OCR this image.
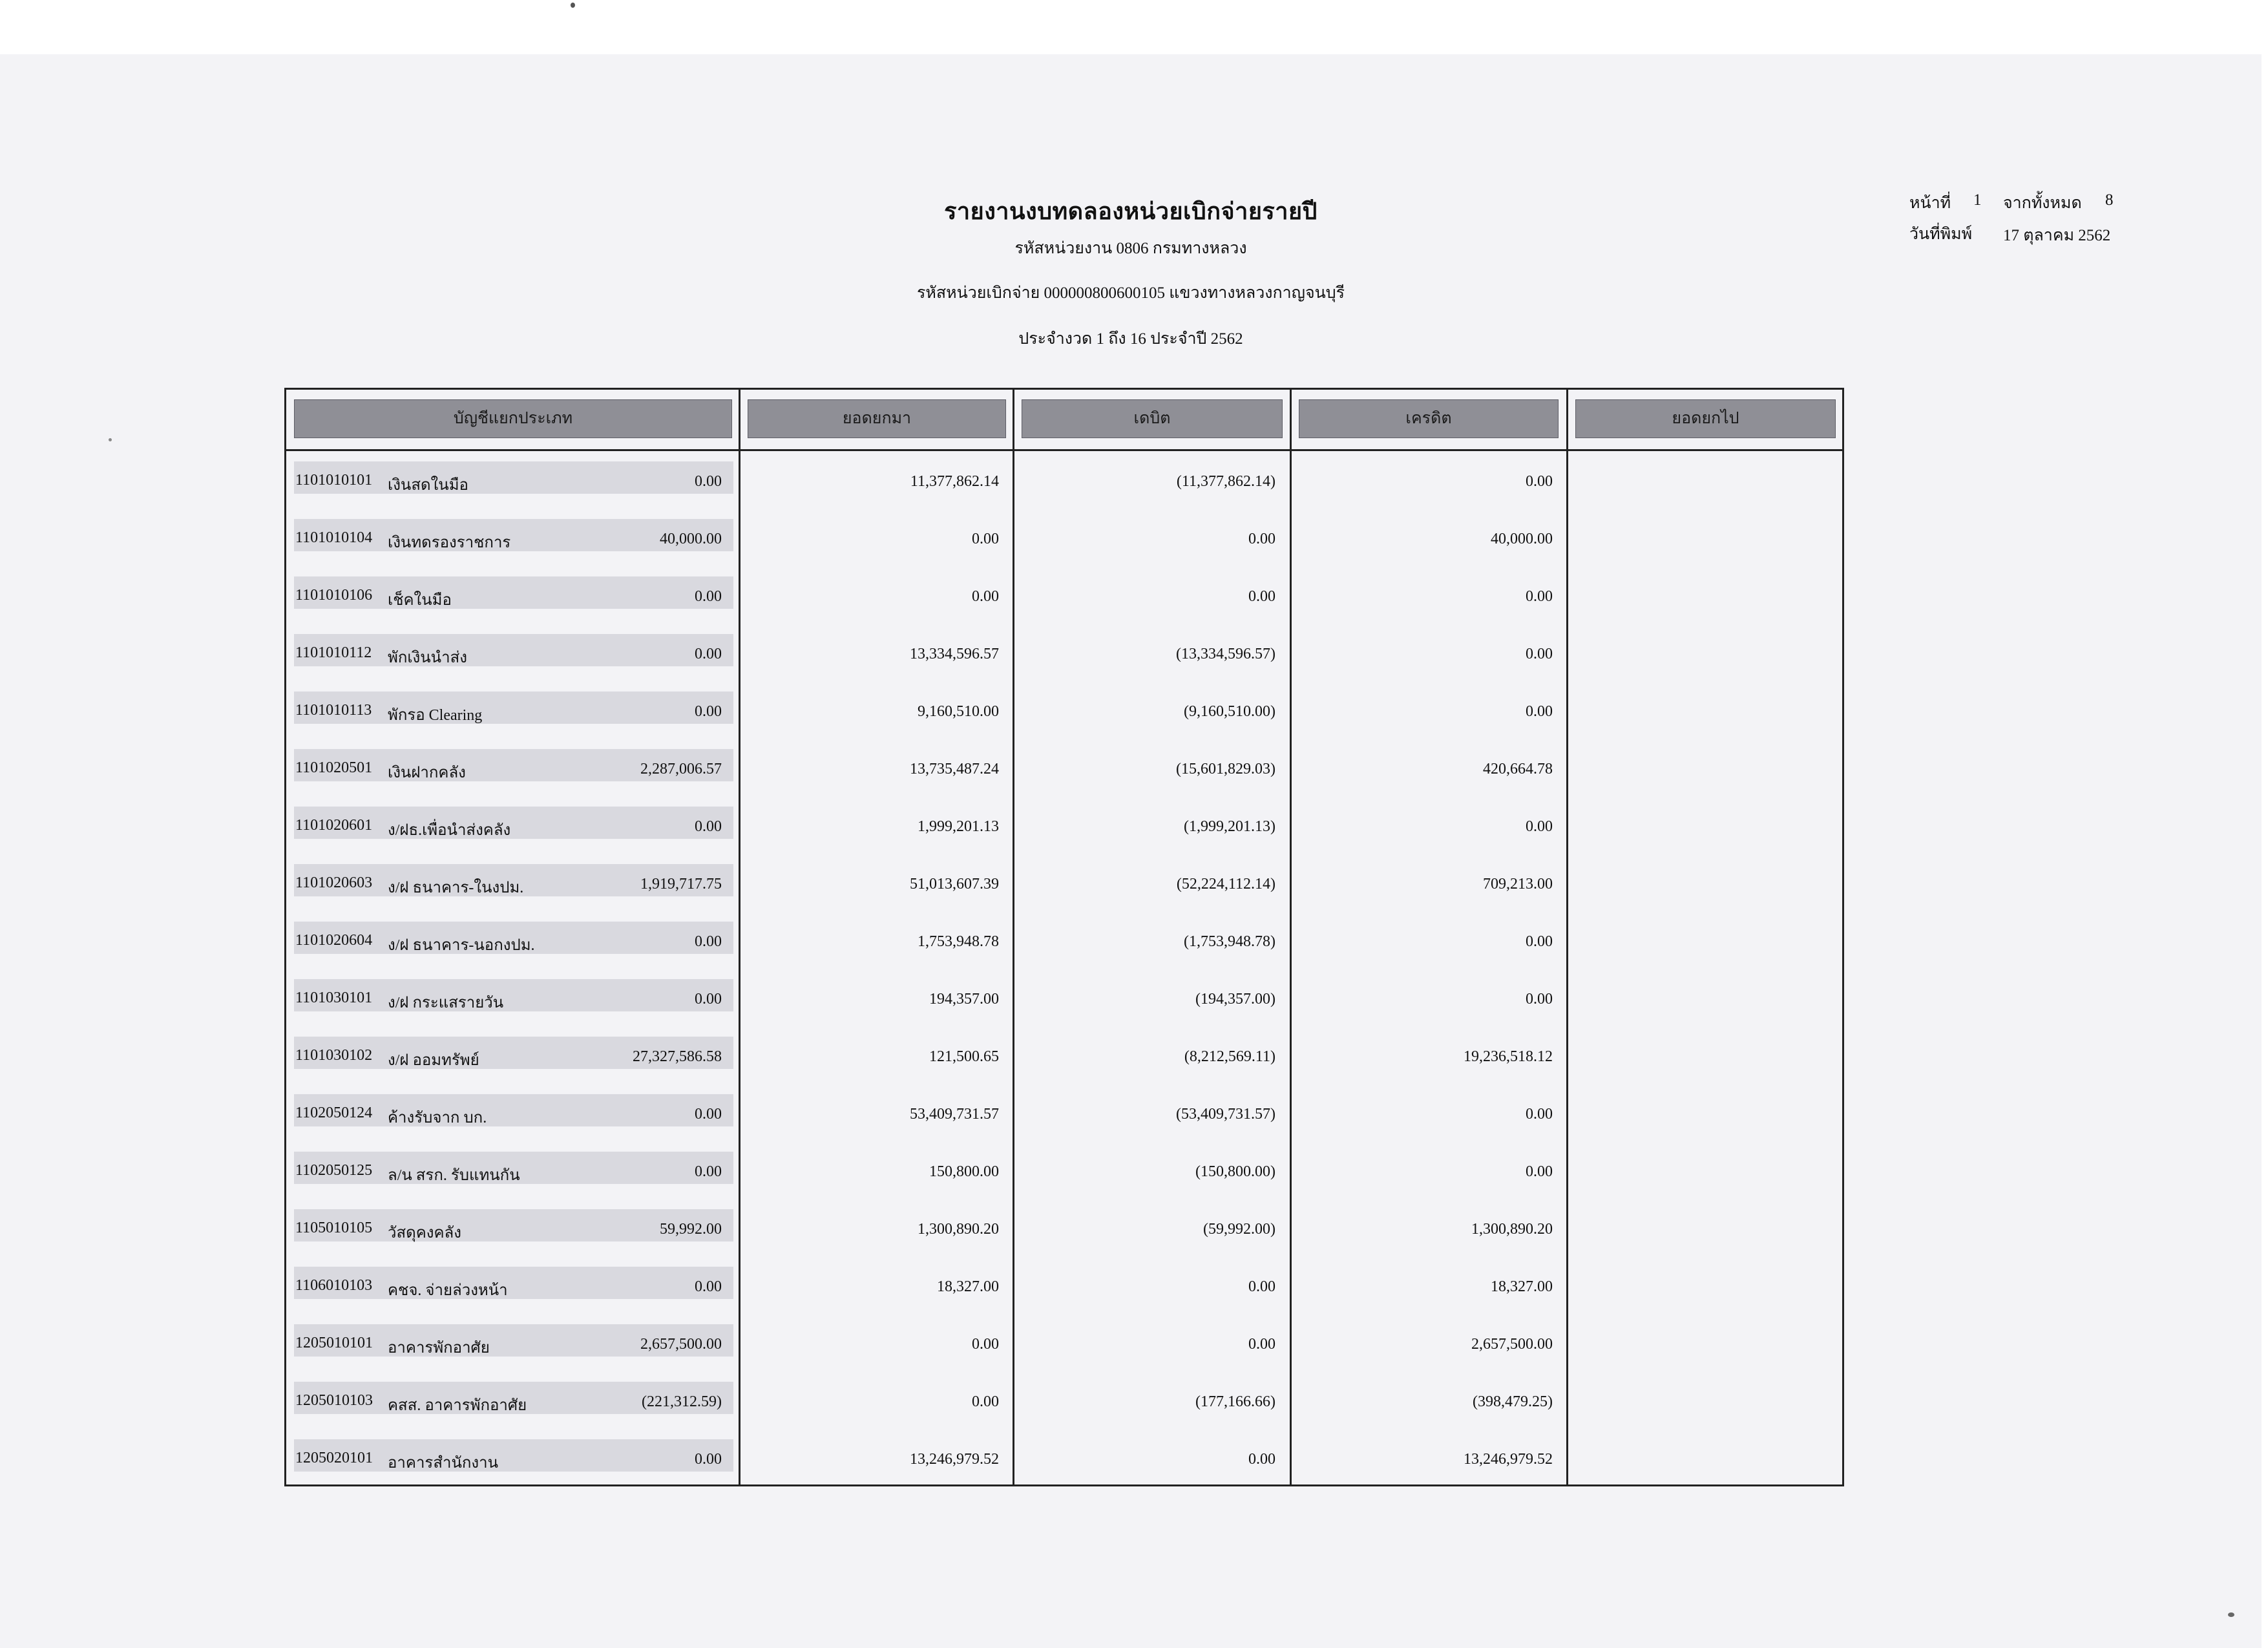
รายงานงบทดลองหน่วยเบิกจ่ายรายปี
รหัสหน่วยงาน 0806 กรมทางหลวง
รหัสหน่วยเบิกจ่าย 000000800600105 แขวงทางหลวงกาญจนบุรี
ประจำงวด 1 ถึง 16 ประจำปี 2562
หน้าที่ 1 จากทั้งหมด 8
วันที่พิมพ์ 17 ตุลาคม 2562
บัญชีแยกประเภท	ยอดยกมา	เดบิต	เครดิต	ยอดยกไป
1101010101 เงินสดในมือ	0.00	11,377,862.14	(11,377,862.14)	0.00
1101010104 เงินทดรองราชการ	40,000.00	0.00	0.00	40,000.00
1101010106 เช็คในมือ	0.00	0.00	0.00	0.00
1101010112 พักเงินนำส่ง	0.00	13,334,596.57	(13,334,596.57)	0.00
1101010113 พักรอ Clearing	0.00	9,160,510.00	(9,160,510.00)	0.00
1101020501 เงินฝากคลัง	2,287,006.57	13,735,487.24	(15,601,829.03)	420,664.78
1101020601 ง/ฝธ.เพื่อนำส่งคลัง	0.00	1,999,201.13	(1,999,201.13)	0.00
1101020603 ง/ฝ ธนาคาร-ในงปม.	1,919,717.75	51,013,607.39	(52,224,112.14)	709,213.00
1101020604 ง/ฝ ธนาคาร-นอกงปม.	0.00	1,753,948.78	(1,753,948.78)	0.00
1101030101 ง/ฝ กระแสรายวัน	0.00	194,357.00	(194,357.00)	0.00
1101030102 ง/ฝ ออมทรัพย์	27,327,586.58	121,500.65	(8,212,569.11)	19,236,518.12
1102050124 ค้างรับจาก บก.	0.00	53,409,731.57	(53,409,731.57)	0.00
1102050125 ล/น สรก. รับแทนกัน	0.00	150,800.00	(150,800.00)	0.00
1105010105 วัสดุคงคลัง	59,992.00	1,300,890.20	(59,992.00)	1,300,890.20
1106010103 คชจ. จ่ายล่วงหน้า	0.00	18,327.00	0.00	18,327.00
1205010101 อาคารพักอาศัย	2,657,500.00	0.00	0.00	2,657,500.00
1205010103 คสส. อาคารพักอาศัย	(221,312.59)	0.00	(177,166.66)	(398,479.25)
1205020101 อาคารสำนักงาน	0.00	13,246,979.52	0.00	13,246,979.52
